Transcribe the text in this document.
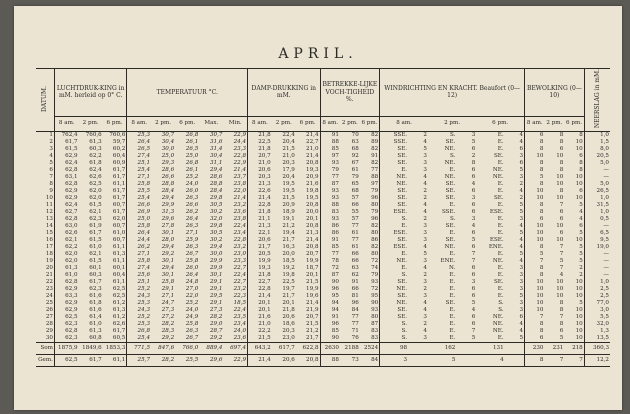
APRIL.
DATUM.	LUCHTDRUK-KING in mM. herleid op 0° C.			TEMPERATUUR °C.					DAMP-DRUKKING in mM.			BETREKKE-LIJKE VOCH-TIGHEID %.			WINDRICHTING EN KRACHT. Beaufort (0—12)						BEWOLKING (0—10)			NEERSLAG in mM.
	8 am.	2 pm.	6 pm.	8 am.	2 pm.	6 pm.	Max.	Min.	8 am.	2 pm.	6 pm.	8 am.	2 pm.	6 pm.	8 am.		2 pm.		6 pm.		8 am.	2 pm.	6 pm.	
1	762,4	760,6	760,6	25,3	30,7	26,8	30,7	22,9	21,8	22,4	21,4	91	70	82	SSE.	2	S.	3	E.	4	6	8	8	1,0
2	61,7	61,3	59,7	26,4	30,4	26,1	31,6	24,4	22,5	20,4	22,7	88	63	89	SSE.	4	SE.	5	E.	4	8	8	10	1,5
3	61,5	60,3	60,2	26,5	30,0	26,5	31,4	23,3	21,8	21,5	21,0	85	68	82	SE.	5	NE.	6	E.	6	8	6	10	8,0
4	62,9	62,2	60,4	27,4	25,0	25,0	30,4	22,8	20,7	21,0	21,4	97	92	91	SE.	3	S.	2	SE.	3	10	10	6	20,5
5	62,4	61,8	60,9	25,1	29,3	26,8	31,1	22,9	21,0	20,3	20,8	93	67	82	SE.	3	NE.	8	E.	6	8	8	8	5,0
6	62,8	62,4	61,7	25,4	28,6	26,1	29,4	21,4	20,6	17,9	19,3	79	61	77	E.	3	E.	6	NE.	5	8	8	8	—
7	63,1	62,6	61,7	27,1	26,6	25,2	28,6	23,7	20,3	20,4	20,9	77	79	88	NE.	4	NE.	6	NE.	3	5	10	10	—
8	62,8	62,5	61,1	25,8	28,8	24,0	28,8	23,8	21,3	19,5	21,6	87	65	97	NE.	4	SE.	4	E.	2	8	10	10	5,0
9	62,9	62,0	61,7	25,5	28,4	26,0	28,4	22,0	22,6	19,5	19,8	93	68	79	SE.	2	SE.	6	E.	4	10	8	6	26,5
10	62,9	62,0	61,7	25,4	29,4	26,3	29,8	21,4	21,4	21,5	19,5	93	57	96	SE.	2	SE.	3	SE.	2	10	10	10	1,0
11	62,4	61,5	60,7	26,6	29,9	26,6	30,5	23,2	22,8	20,9	20,8	88	66	80	SE.	4	E.	6	E.	5	8	7	5	31,5
12	62,7	62,1	61,7	26,9	31,3	26,2	30,2	23,6	21,8	18,9	20,0	83	55	79	ESE.	4	SSE.	6	ESE.	5	8	6	4	1,0
13	62,8	62,3	62,0	25,0	29,6	26,4	32,0	23,8	21,1	19,1	20,1	93	57	96	S.	2	S.	3	E.	3	6	6	4	0,5
14	63,0	61,9	60,7	25,8	27,8	26,3	29,8	22,4	21,3	21,2	20,8	86	77	82	E.	3	SE.	4	E.	4	10	10	6	—
15	62,6	61,7	61,0	26,4	30,1	27,1	30,5	23,4	22,1	19,4	21,3	86	61	80	ESE.	3	E.	6	E.	5	10	6	5	6,5
16	62,1	61,5	60,7	24,4	28,0	25,9	30,2	22,8	20,6	21,7	21,4	91	77	86	SE.	3	SE.	5	ESE.	4	10	10	10	9,5
17	62,2	61,0	61,1	26,2	29,4	26,3	29,4	23,2	21,7	16,3	20,8	85	61	82	ESE.	4	NE.	6	ENE.	4	8	7	5	19,0
18	62,0	62,1	61,3	27,1	29,2	26,7	30,0	23,0	20,5	20,0	20,7	77	66	80	E.	5	E.	7	E.	5	5	7	5	—
19	62,0	61,5	61,1	25,8	30,1	25,8	29,9	23,3	19,9	18,5	19,9	78	66	72	NE.	3	ENE.	7	NE.	4	7	5	5	—
20	61,3	60,1	60,1	27,4	29,4	26,0	29,9	22,7	19,3	19,2	18,7	72	63	74	E.	4	N.	6	E.	3	8	7	2	—
21	61,0	60,3	60,4	25,6	30,1	26,4	30,1	22,4	21,8	19,8	20,1	87	62	79	S.	2	E.	6	E.	3	8	4	2	—
22	62,8	61,7	61,1	25,1	25,8	24,8	29,1	22,7	22,7	22,5	21,5	90	91	93	SE.	3	E.	3	SE.	3	10	10	10	1,0
23	62,9	62,3	62,5	25,2	29,1	27,0	29,1	23,2	22,8	19,7	19,9	96	66	72	NE.	2	E.	6	E.	3	10	10	10	2,5
24	63,3	61,6	62,5	24,3	27,1	22,0	29,5	22,3	21,4	21,7	19,6	95	81	95	SE.	3	E.	6	E.	5	10	10	10	2,5
25	62,9	61,8	61,2	25,3	24,7	25,2	29,1	18,5	20,1	20,1	21,4	94	96	90	NE.	4	SE.	5	S.	3	10	8	5	77,0
26	62,9	61,6	61,3	24,3	27,3	24,0	27,3	22,4	20,1	21,8	21,9	94	84	93	SE.	4	E.	4	S.	3	10	8	10	3,0
27	62,5	61,4	61,2	25,2	27,2	24,9	28,2	23,5	21,6	20,6	20,7	91	77	80	SE.	3	E.	6	NE.	6	7	7	10	5,5
28	62,3	61,0	62,6	25,3	28,2	25,8	29,0	23,4	21,0	18,6	21,5	96	77	87	S.	2	E.	6	NE.	4	8	8	10	32,0
29	62,8	61,3	61,7	26,8	28,3	26,3	28,7	24,0	22,2	20,3	21,2	85	71	83	S.	4	E.	7	NE.	4	8	6	10	1,3
30	62,3	60,8	60,5	25,4	29,2	26,7	29,2	23,6	21,5	23,0	21,7	90	76	83	S.	3	E.	5	E.	5	6	5	10	13,5
Som	1875,9	1849,6	1853,3	771,5	847,6	766,0	889,4	697,4	643,2	617,7	622,8	2630	2188	2524	98		162		131		230	231	218	360,3
Gem.	62,5	61,7	61,1	25,7	28,2	25,5	29,6	22,9	21,4	20,6	20,8	88	73	84	3		5		4		8	7	7	12,2
